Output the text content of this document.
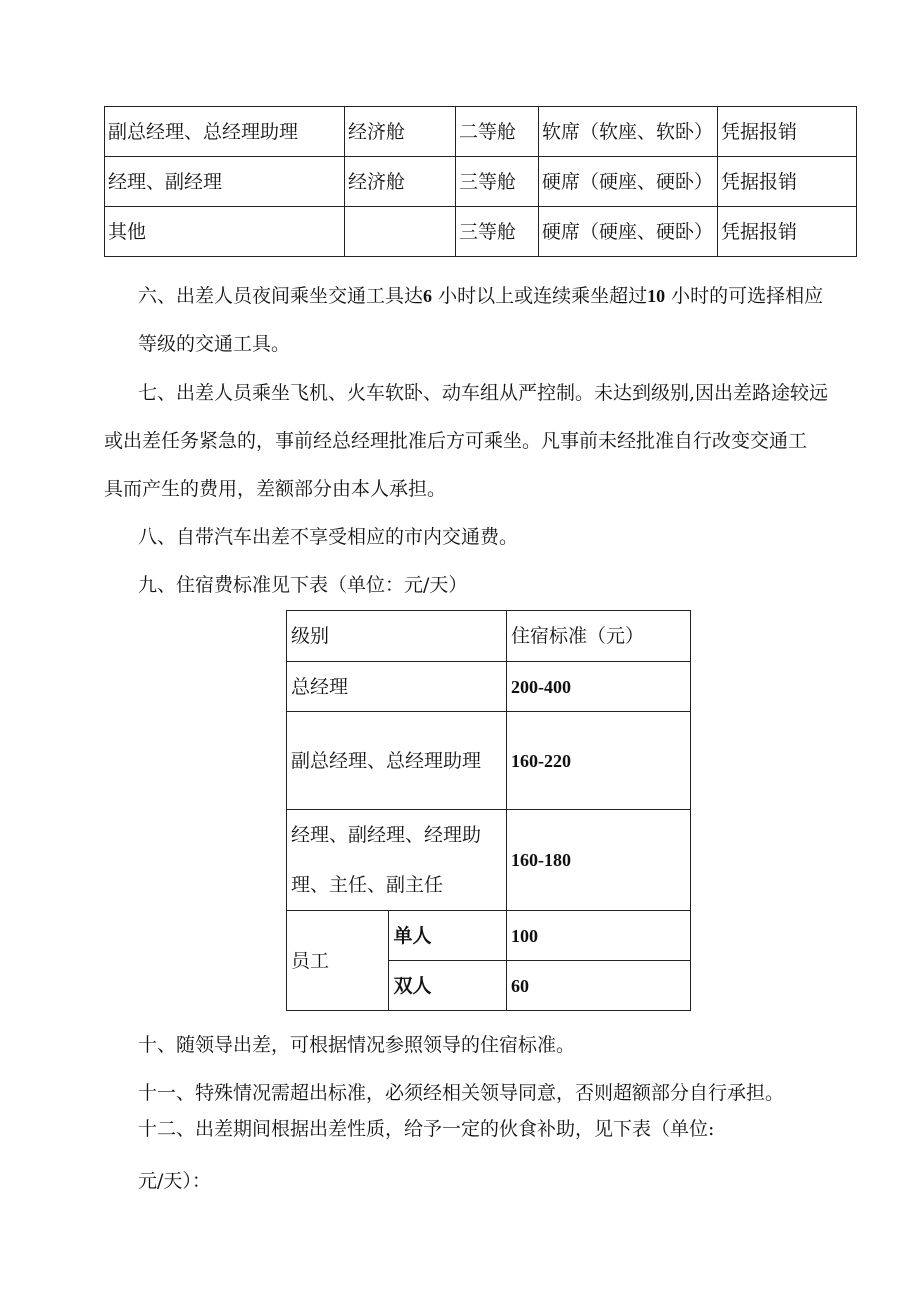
副总经理、总经理助理	经济舱	二等舱	软席（软座、软卧）	凭据报销
经理、副经理	经济舱	三等舱	硬席（硬座、硬卧）	凭据报销
其他		三等舱	硬席（硬座、硬卧）	凭据报销

六、出差人员夜间乘坐交通工具达6 小时以上或连续乘坐超过10 小时的可选择相应

等级的交通工具。

七、出差人员乘坐飞机、火车软卧、动车组从严控制。未达到级别,因出差路途较远

或出差任务紧急的，事前经总经理批准后方可乘坐。凡事前未经批准自行改变交通工

具而产生的费用，差额部分由本人承担。

八、自带汽车出差不享受相应的市内交通费。

九、住宿费标准见下表（单位：元/天）

级别		住宿标准（元）
总经理		200-400
副总经理、总经理助理		160-220
经理、副经理、经理助理、主任、副主任		160-180
员工	单人	100
	双人	60

十、随领导出差，可根据情况参照领导的住宿标准。

十一、特殊情况需超出标准，必须经相关领导同意，否则超额部分自行承担。

十二、出差期间根据出差性质，给予一定的伙食补助，见下表（单位:

元/天）：
